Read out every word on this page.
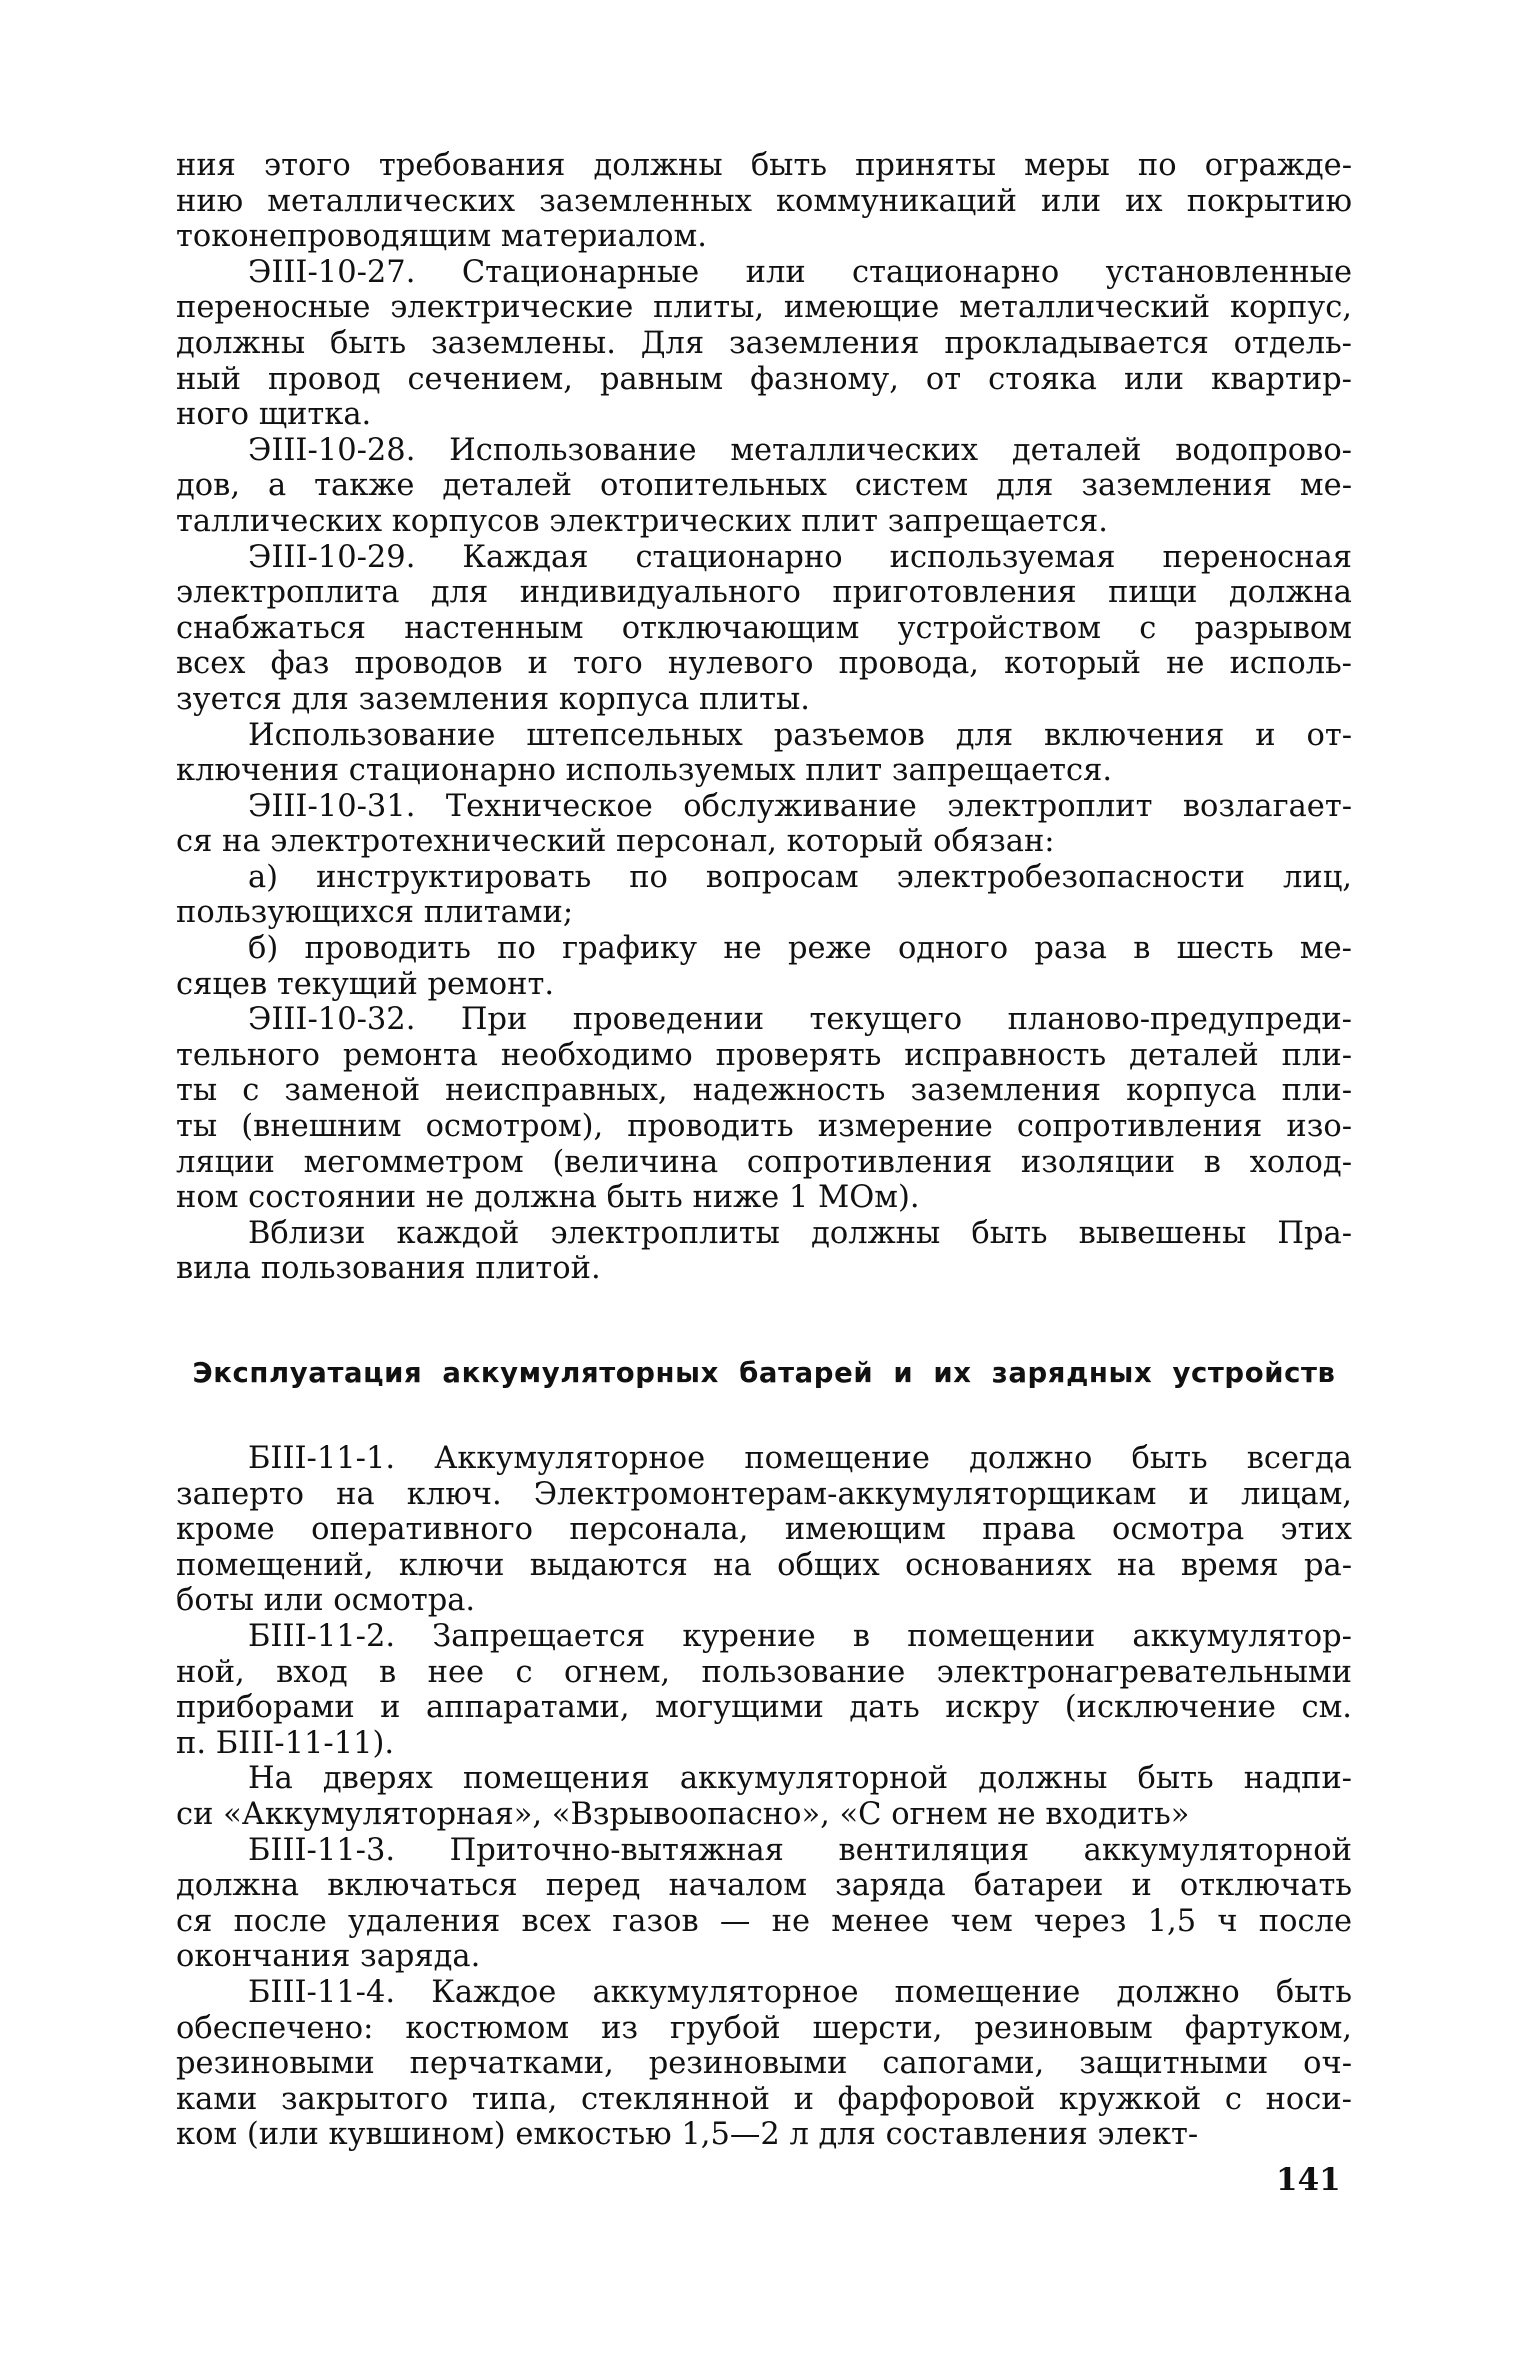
ния этого требования должны быть приняты меры по огражде-
нию металлических заземленных коммуникаций или их покрытию
токонепроводящим материалом.
ЭIII-10-27. Стационарные или стационарно установленные
переносные электрические плиты, имеющие металлический корпус,
должны быть заземлены. Для заземления прокладывается отдель-
ный провод сечением, равным фазному, от стояка или квартир-
ного щитка.
ЭIII-10-28. Использование металлических деталей водопрово-
дов, а также деталей отопительных систем для заземления ме-
таллических корпусов электрических плит запрещается.
ЭIII-10-29. Каждая стационарно используемая переносная
электроплита для индивидуального приготовления пищи должна
снабжаться настенным отключающим устройством с разрывом
всех фаз проводов и того нулевого провода, который не исполь-
зуется для заземления корпуса плиты.
Использование штепсельных разъемов для включения и от-
ключения стационарно используемых плит запрещается.
ЭIII-10-31. Техническое обслуживание электроплит возлагает-
ся на электротехнический персонал, который обязан:
а) инструктировать по вопросам электробезопасности лиц,
пользующихся плитами;
б) проводить по графику не реже одного раза в шесть ме-
сяцев текущий ремонт.
ЭIII-10-32. При проведении текущего планово-предупреди-
тельного ремонта необходимо проверять исправность деталей пли-
ты с заменой неисправных, надежность заземления корпуса пли-
ты (внешним осмотром), проводить измерение сопротивления изо-
ляции мегомметром (величина сопротивления изоляции в холод-
ном состоянии не должна быть ниже 1 МОм).
Вблизи каждой электроплиты должны быть вывешены Пра-
вила пользования плитой.
Эксплуатация аккумуляторных батарей и их зарядных устройств
БIII-11-1. Аккумуляторное помещение должно быть всегда
заперто на ключ. Электромонтерам-аккумуляторщикам и лицам,
кроме оперативного персонала, имеющим права осмотра этих
помещений, ключи выдаются на общих основаниях на время ра-
боты или осмотра.
БIII-11-2. Запрещается курение в помещении аккумулятор-
ной, вход в нее с огнем, пользование электронагревательными
приборами и аппаратами, могущими дать искру (исключение см.
п. БIII-11-11).
На дверях помещения аккумуляторной должны быть надпи-
си «Аккумуляторная», «Взрывоопасно», «С огнем не входить»
БIII-11-3. Приточно-вытяжная вентиляция аккумуляторной
должна включаться перед началом заряда батареи и отключать
ся после удаления всех газов — не менее чем через 1,5 ч после
окончания заряда.
БIII-11-4. Каждое аккумуляторное помещение должно быть
обеспечено: костюмом из грубой шерсти, резиновым фартуком,
резиновыми перчатками, резиновыми сапогами, защитными оч-
ками закрытого типа, стеклянной и фарфоровой кружкой с носи-
ком (или кувшином) емкостью 1,5—2 л для составления элект-
141
